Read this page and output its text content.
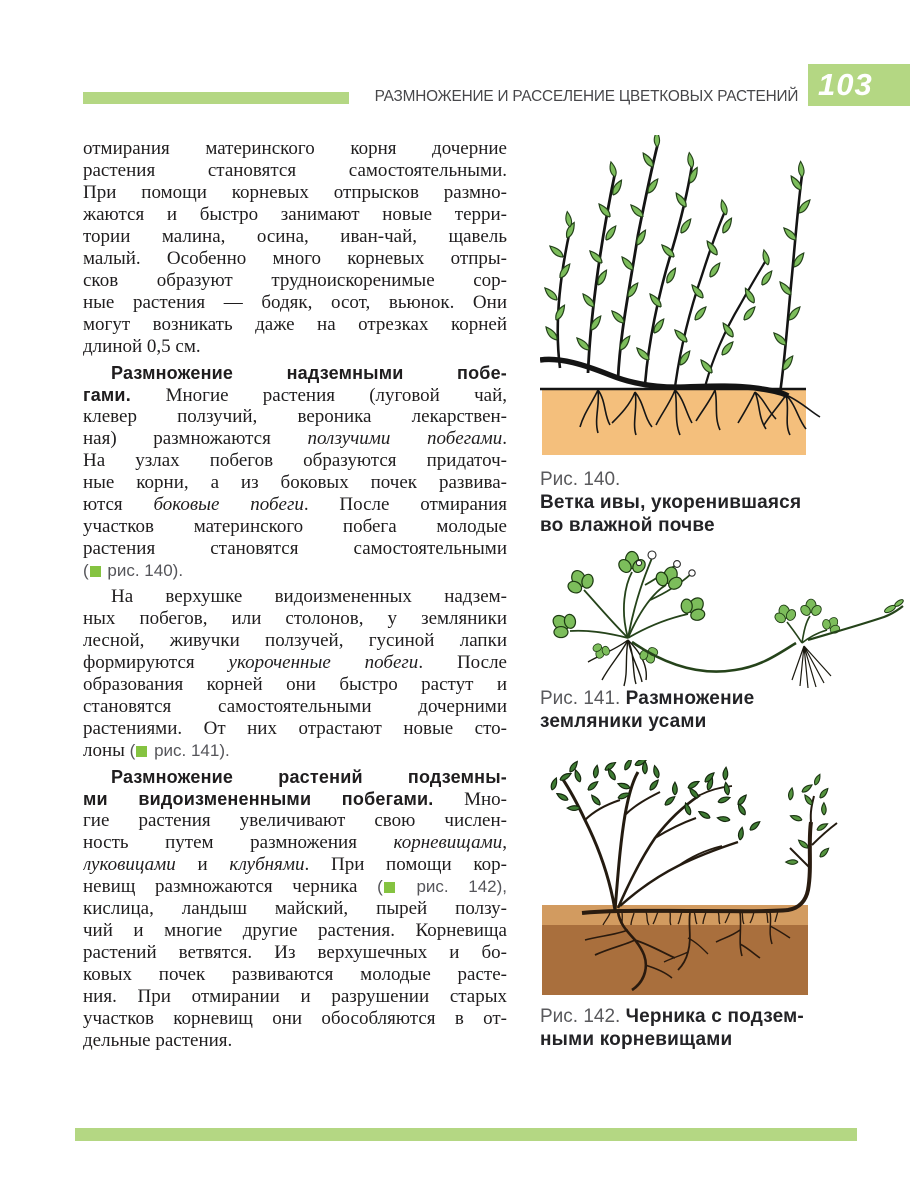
РАЗМНОЖЕНИЕ И РАССЕЛЕНИЕ ЦВЕТКОВЫХ РАСТЕНИЙ 103
отмирания материнского корня дочерние
растения становятся самостоятельными.
При помощи корневых отпрысков размно-
жаются и быстро занимают новые терри-
тории малина, осина, иван-чай, щавель
малый. Особенно много корневых отпры-
сков образуют трудноискоренимые сор-
ные растения — бодяк, осот, вьюнок. Они
могут возникать даже на отрезках корней
длиной 0,5 см.
Размножение надземными побе-
гами. Многие растения (луговой чай,
клевер ползучий, вероника лекарствен-
ная) размножаются ползучими побегами.
На узлах побегов образуются придаточ-
ные корни, а из боковых почек развива-
ются боковые побеги. После отмирания
участков материнского побега молодые
растения становятся самостоятельными
( рис. 140).
На верхушке видоизмененных надзем-
ных побегов, или столонов, у земляники
лесной, живучки ползучей, гусиной лапки
формируются укороченные побеги. После
образования корней они быстро растут и
становятся самостоятельными дочерними
растениями. От них отрастают новые сто-
лоны ( рис. 141).
Размножение растений подземны-
ми видоизмененными побегами. Мно-
гие растения увеличивают свою числен-
ность путем размножения корневищами,
луковицами и клубнями. При помощи кор-
невищ размножаются черника ( рис. 142),
кислица, ландыш майский, пырей ползу-
чий и многие другие растения. Корневища
растений ветвятся. Из верхушечных и бо-
ковых почек развиваются молодые расте-
ния. При отмирании и разрушении старых
участков корневищ они обособляются в от-
дельные растения.
Рис. 140.
Ветка ивы, укоренившаяся
во влажной почве
Рис. 141. Размножение
земляники усами
Рис. 142. Черника с подзем-
ными корневищами
